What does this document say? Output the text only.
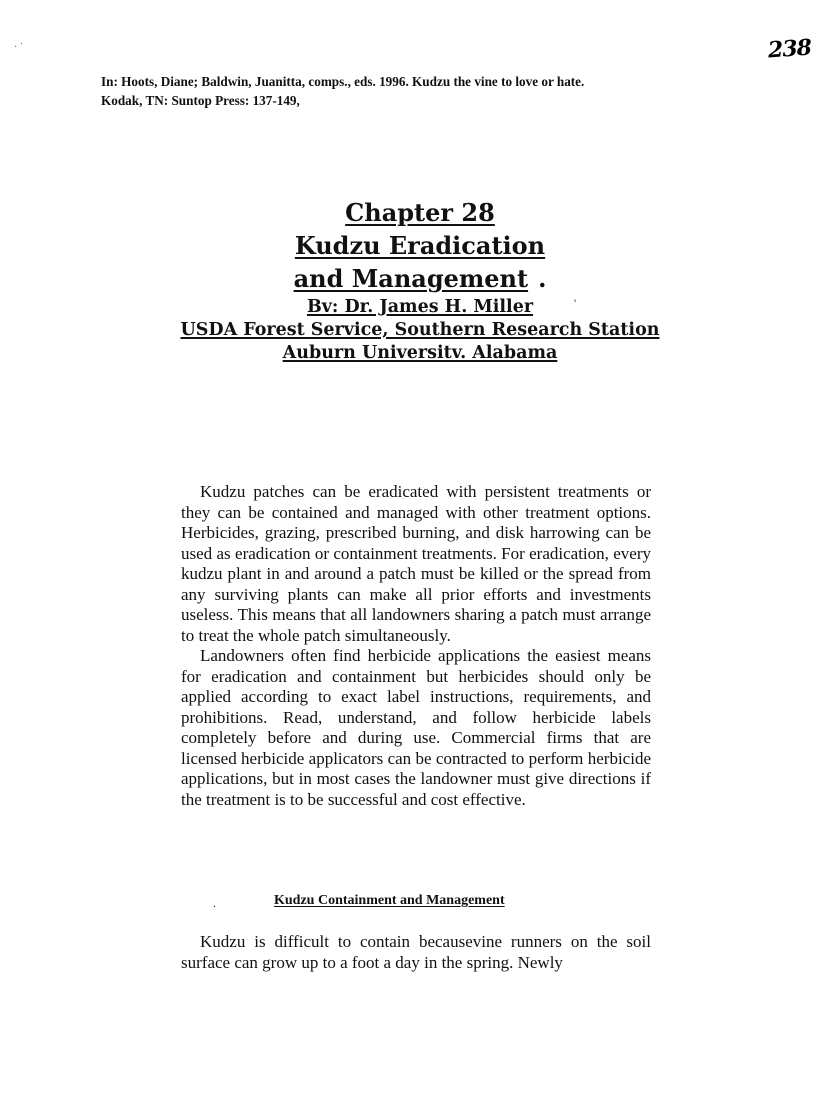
· ˙	238
In: Hoots, Diane; Baldwin, Juanitta, comps., eds. 1996. Kudzu the vine to love or hate.
Kodak, TN: Suntop Press: 137-149,
Chapter 28
Kudzu Eradication
and Management .
Bv: Dr. James H. Miller
USDA Forest Service, Southern Research Station
Auburn Universitv. Alabama
'

Kudzu patches can be eradicated with persistent treatments or they can be contained and managed with other treatment options. Herbicides, grazing, prescribed burning, and disk harrowing can be used as eradication or containment treatments. For eradication, every kudzu plant in and around a patch must be killed or the spread from any surviving plants can make all prior efforts and investments useless. This means that all landowners sharing a patch must arrange to treat the whole patch simultaneously.

Landowners often find herbicide applications the easiest means for eradication and containment but herbicides should only be applied according to exact label instructions, requirements, and prohibitions. Read, understand, and follow herbicide labels completely before and during use. Commercial firms that are licensed herbicide applicators can be contracted to perform herbicide applications, but in most cases the landowner must give directions if the treatment is to be successful and cost effective.

.	Kudzu Containment and Management

Kudzu is difficult to contain becausevine runners on the soil surface can grow up to a foot a day in the spring. Newly
